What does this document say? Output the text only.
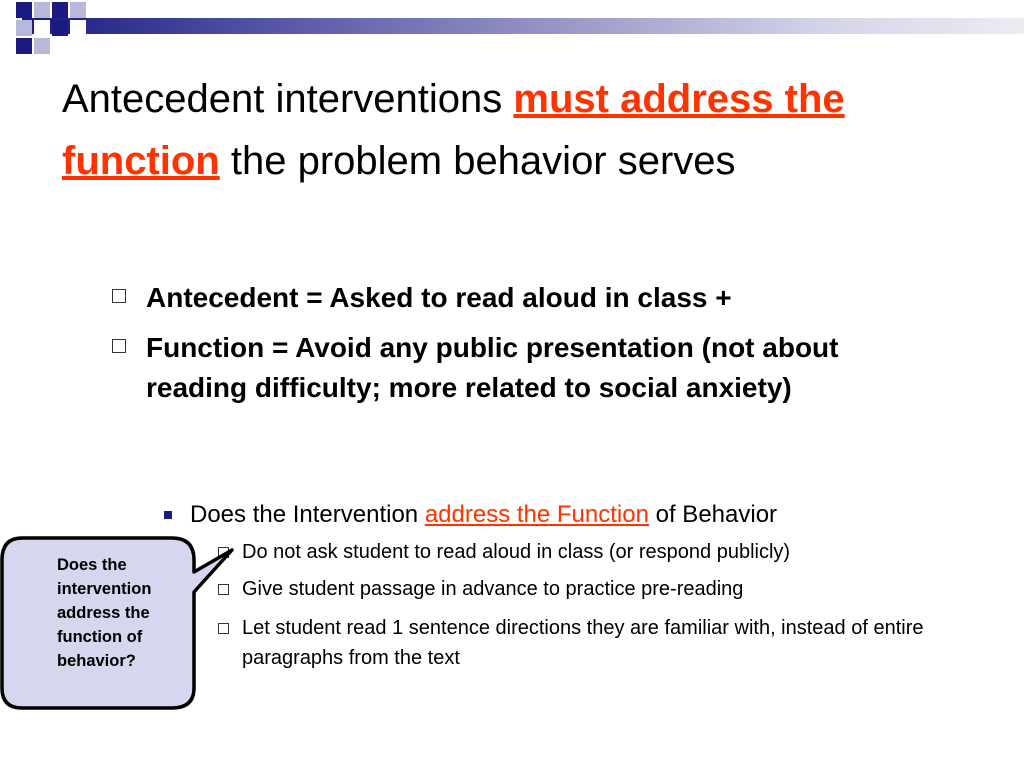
Antecedent interventions must address the function the problem behavior serves
Antecedent = Asked to read aloud in class +
Function = Avoid any public presentation (not about reading difficulty; more related to social anxiety)
Does the Intervention address the Function of Behavior
Do not ask student to read aloud in class (or respond publicly)
Give student passage in advance to practice pre-reading
Let student read 1 sentence directions they are familiar with, instead of entire paragraphs from the text
Does the intervention address the function of behavior?
